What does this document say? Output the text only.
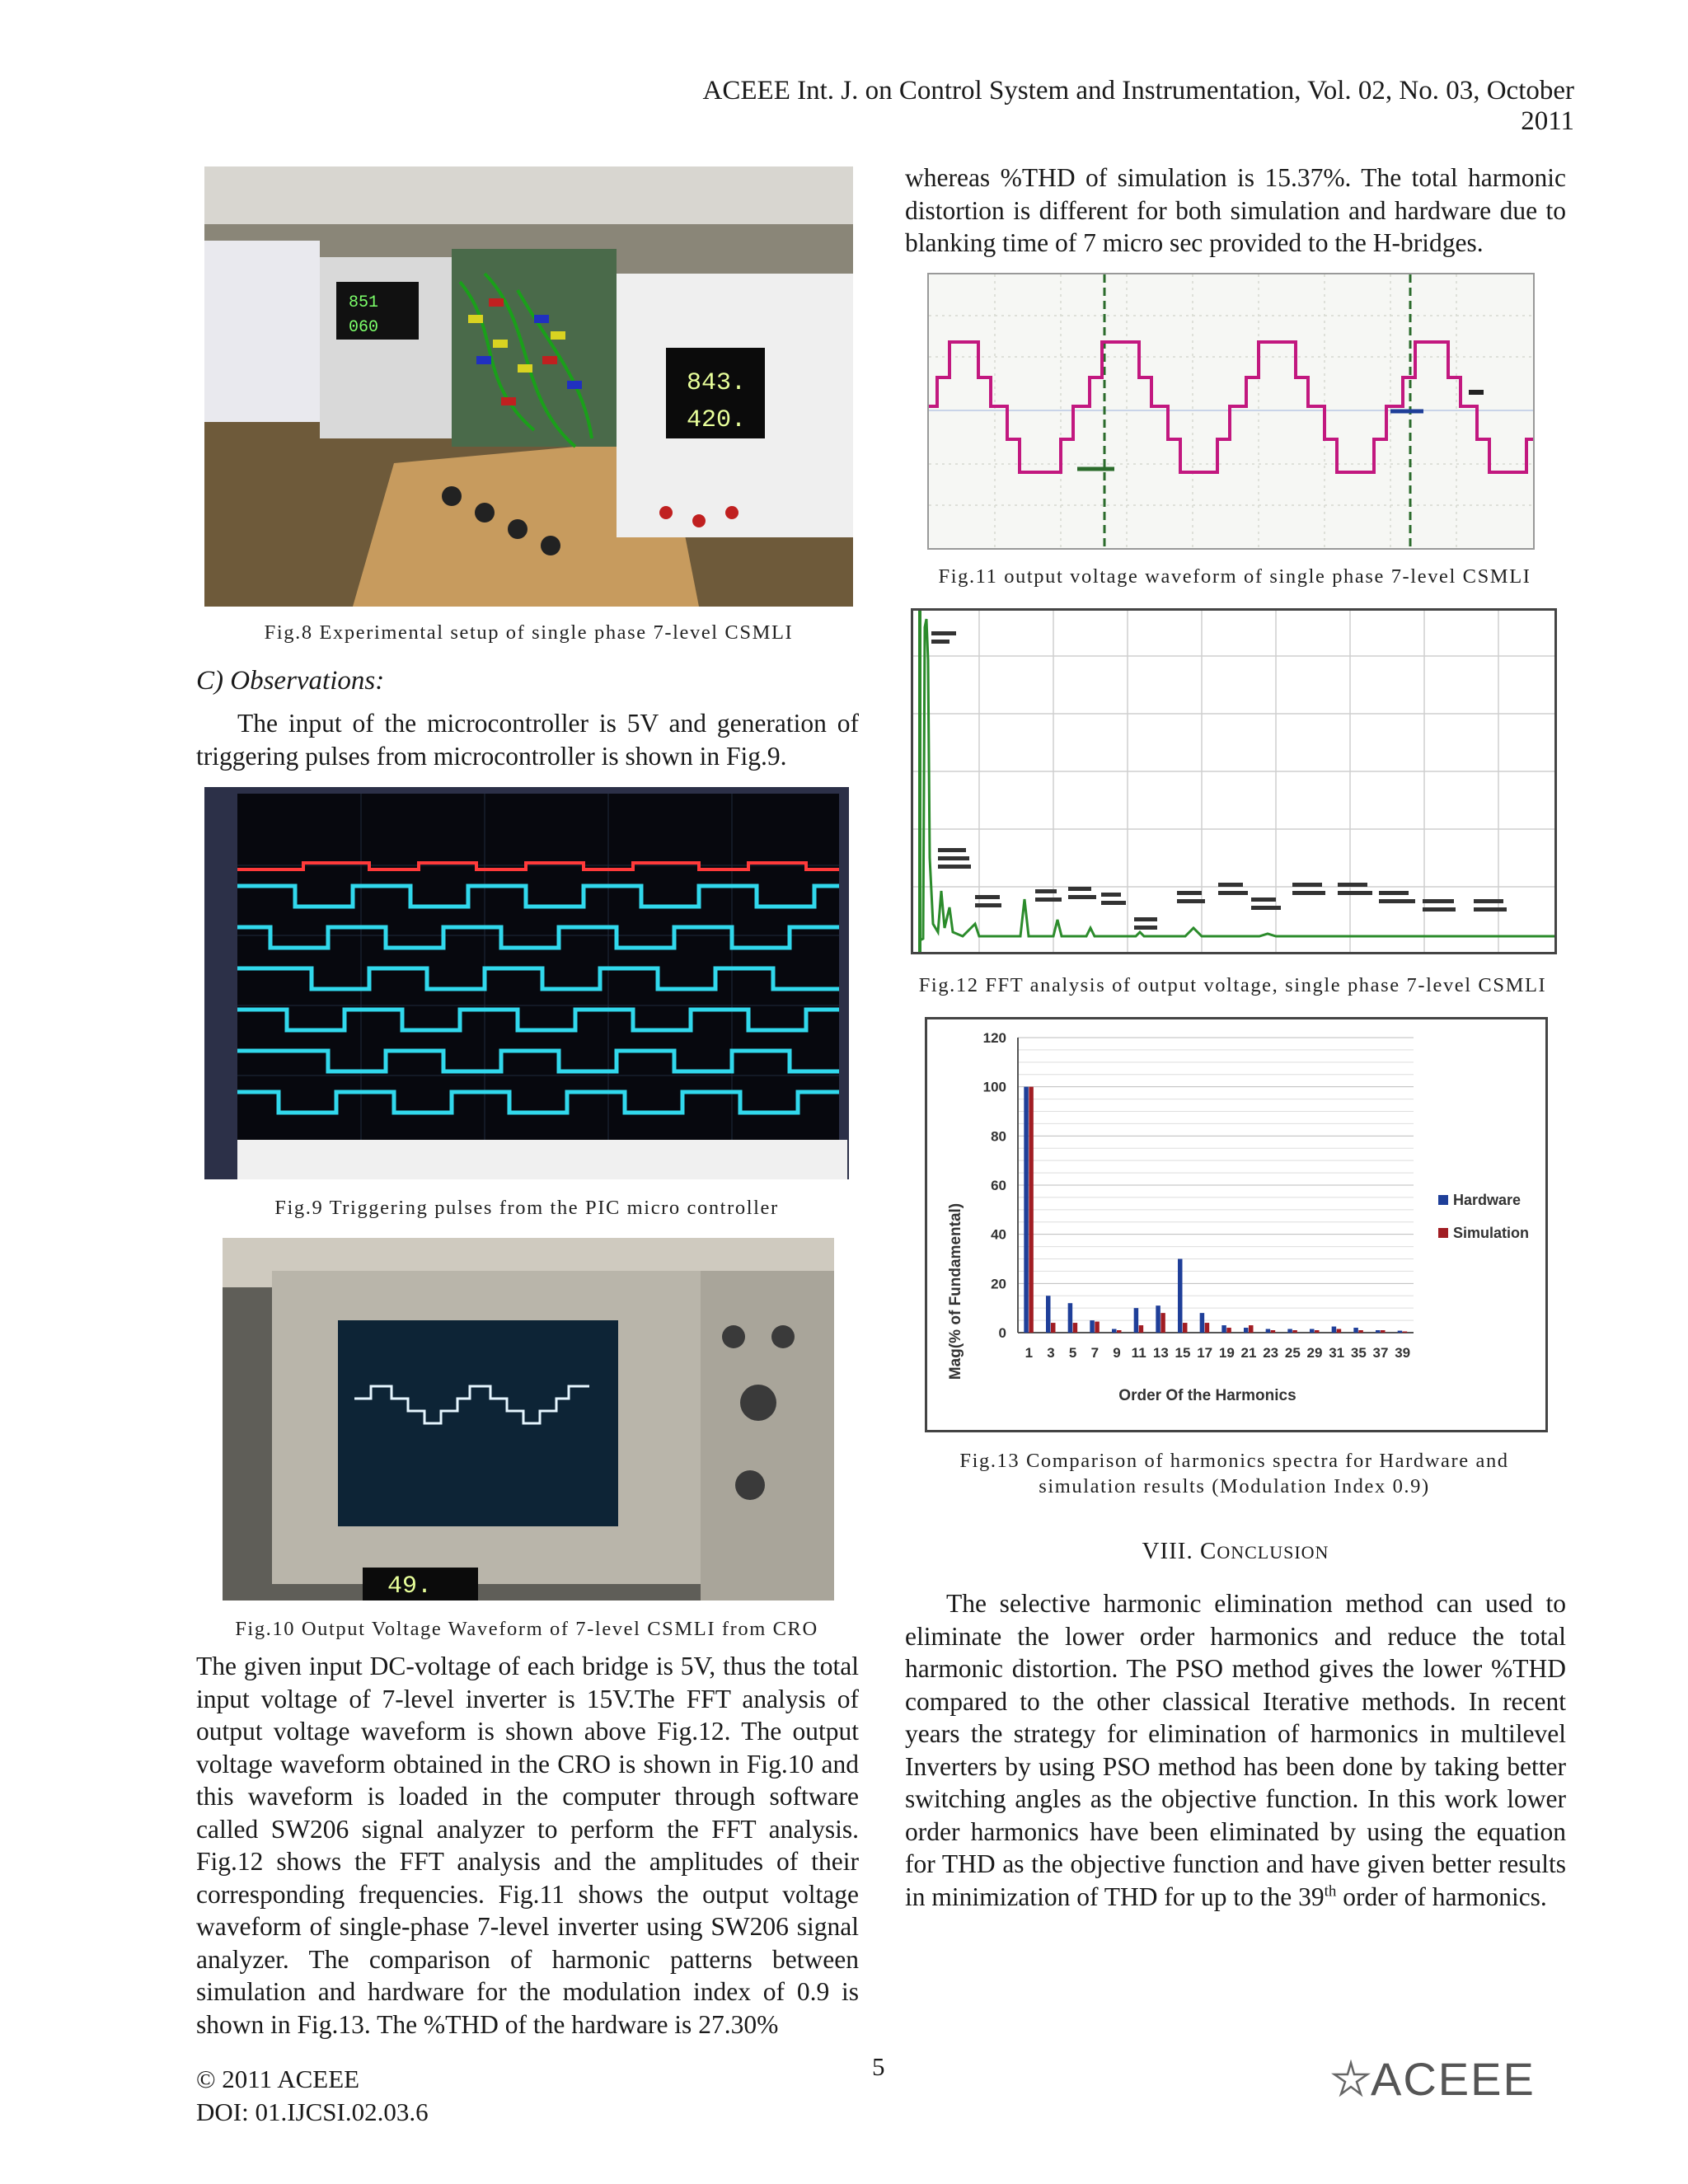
ACEEE Int. J. on Control System and Instrumentation, Vol. 02, No. 03, October 2011
851
060
843.
420.
Fig.8 Experimental setup of single phase 7-level CSMLI
C) Observations:
The input of the microcontroller is 5V and generation of triggering pulses from microcontroller is shown in Fig.9.
Fig.9 Triggering pulses from the PIC micro controller
49.
Fig.10 Output Voltage Waveform of 7-level CSMLI from CRO
The given input DC-voltage of each bridge is 5V, thus the total input voltage of 7-level inverter is 15V.The FFT analysis of output voltage waveform is shown above Fig.12. The output voltage waveform obtained in the CRO is shown in Fig.10 and this waveform is loaded in the computer through software called SW206 signal analyzer to perform the FFT analysis. Fig.12 shows the FFT analysis and the amplitudes of their corresponding frequencies. Fig.11 shows the output voltage waveform of single-phase 7-level inverter using SW206 signal analyzer. The comparison of harmonic patterns between simulation and hardware for the modulation index of 0.9 is shown in Fig.13. The %THD of the hardware is 27.30%
© 2011 ACEEE
DOI: 01.IJCSI.02.03.6
5
whereas %THD of simulation is 15.37%. The total harmonic distortion is different for both simulation and hardware due to blanking time of 7 micro sec provided to the H-bridges.
Fig.11 output voltage waveform of single phase 7-level CSMLI
Fig.12 FFT analysis of output voltage, single phase 7-level CSMLI
0
20
40
60
80
100
120
1 3 5 7 9 11 13 15 17 19 21 23 25 29 31 35 37 39
Mag(% of Fundamental)
Order Of the Harmonics
Hardware
Simulation
Fig.13 Comparison of harmonics spectra for Hardware and
simulation results (Modulation Index 0.9)
VIII. CONCLUSION
The selective harmonic elimination method can used to eliminate the lower order harmonics and reduce the total harmonic distortion. The PSO method gives the lower %THD compared to the other classical Iterative methods. In recent years the strategy for elimination of harmonics in multilevel Inverters by using PSO method has been done by taking better switching angles as the objective function. In this work lower order harmonics have been eliminated by using the equation for THD as the objective function and have given better results in minimization of THD for up to the 39th order of harmonics.
ACEEE
